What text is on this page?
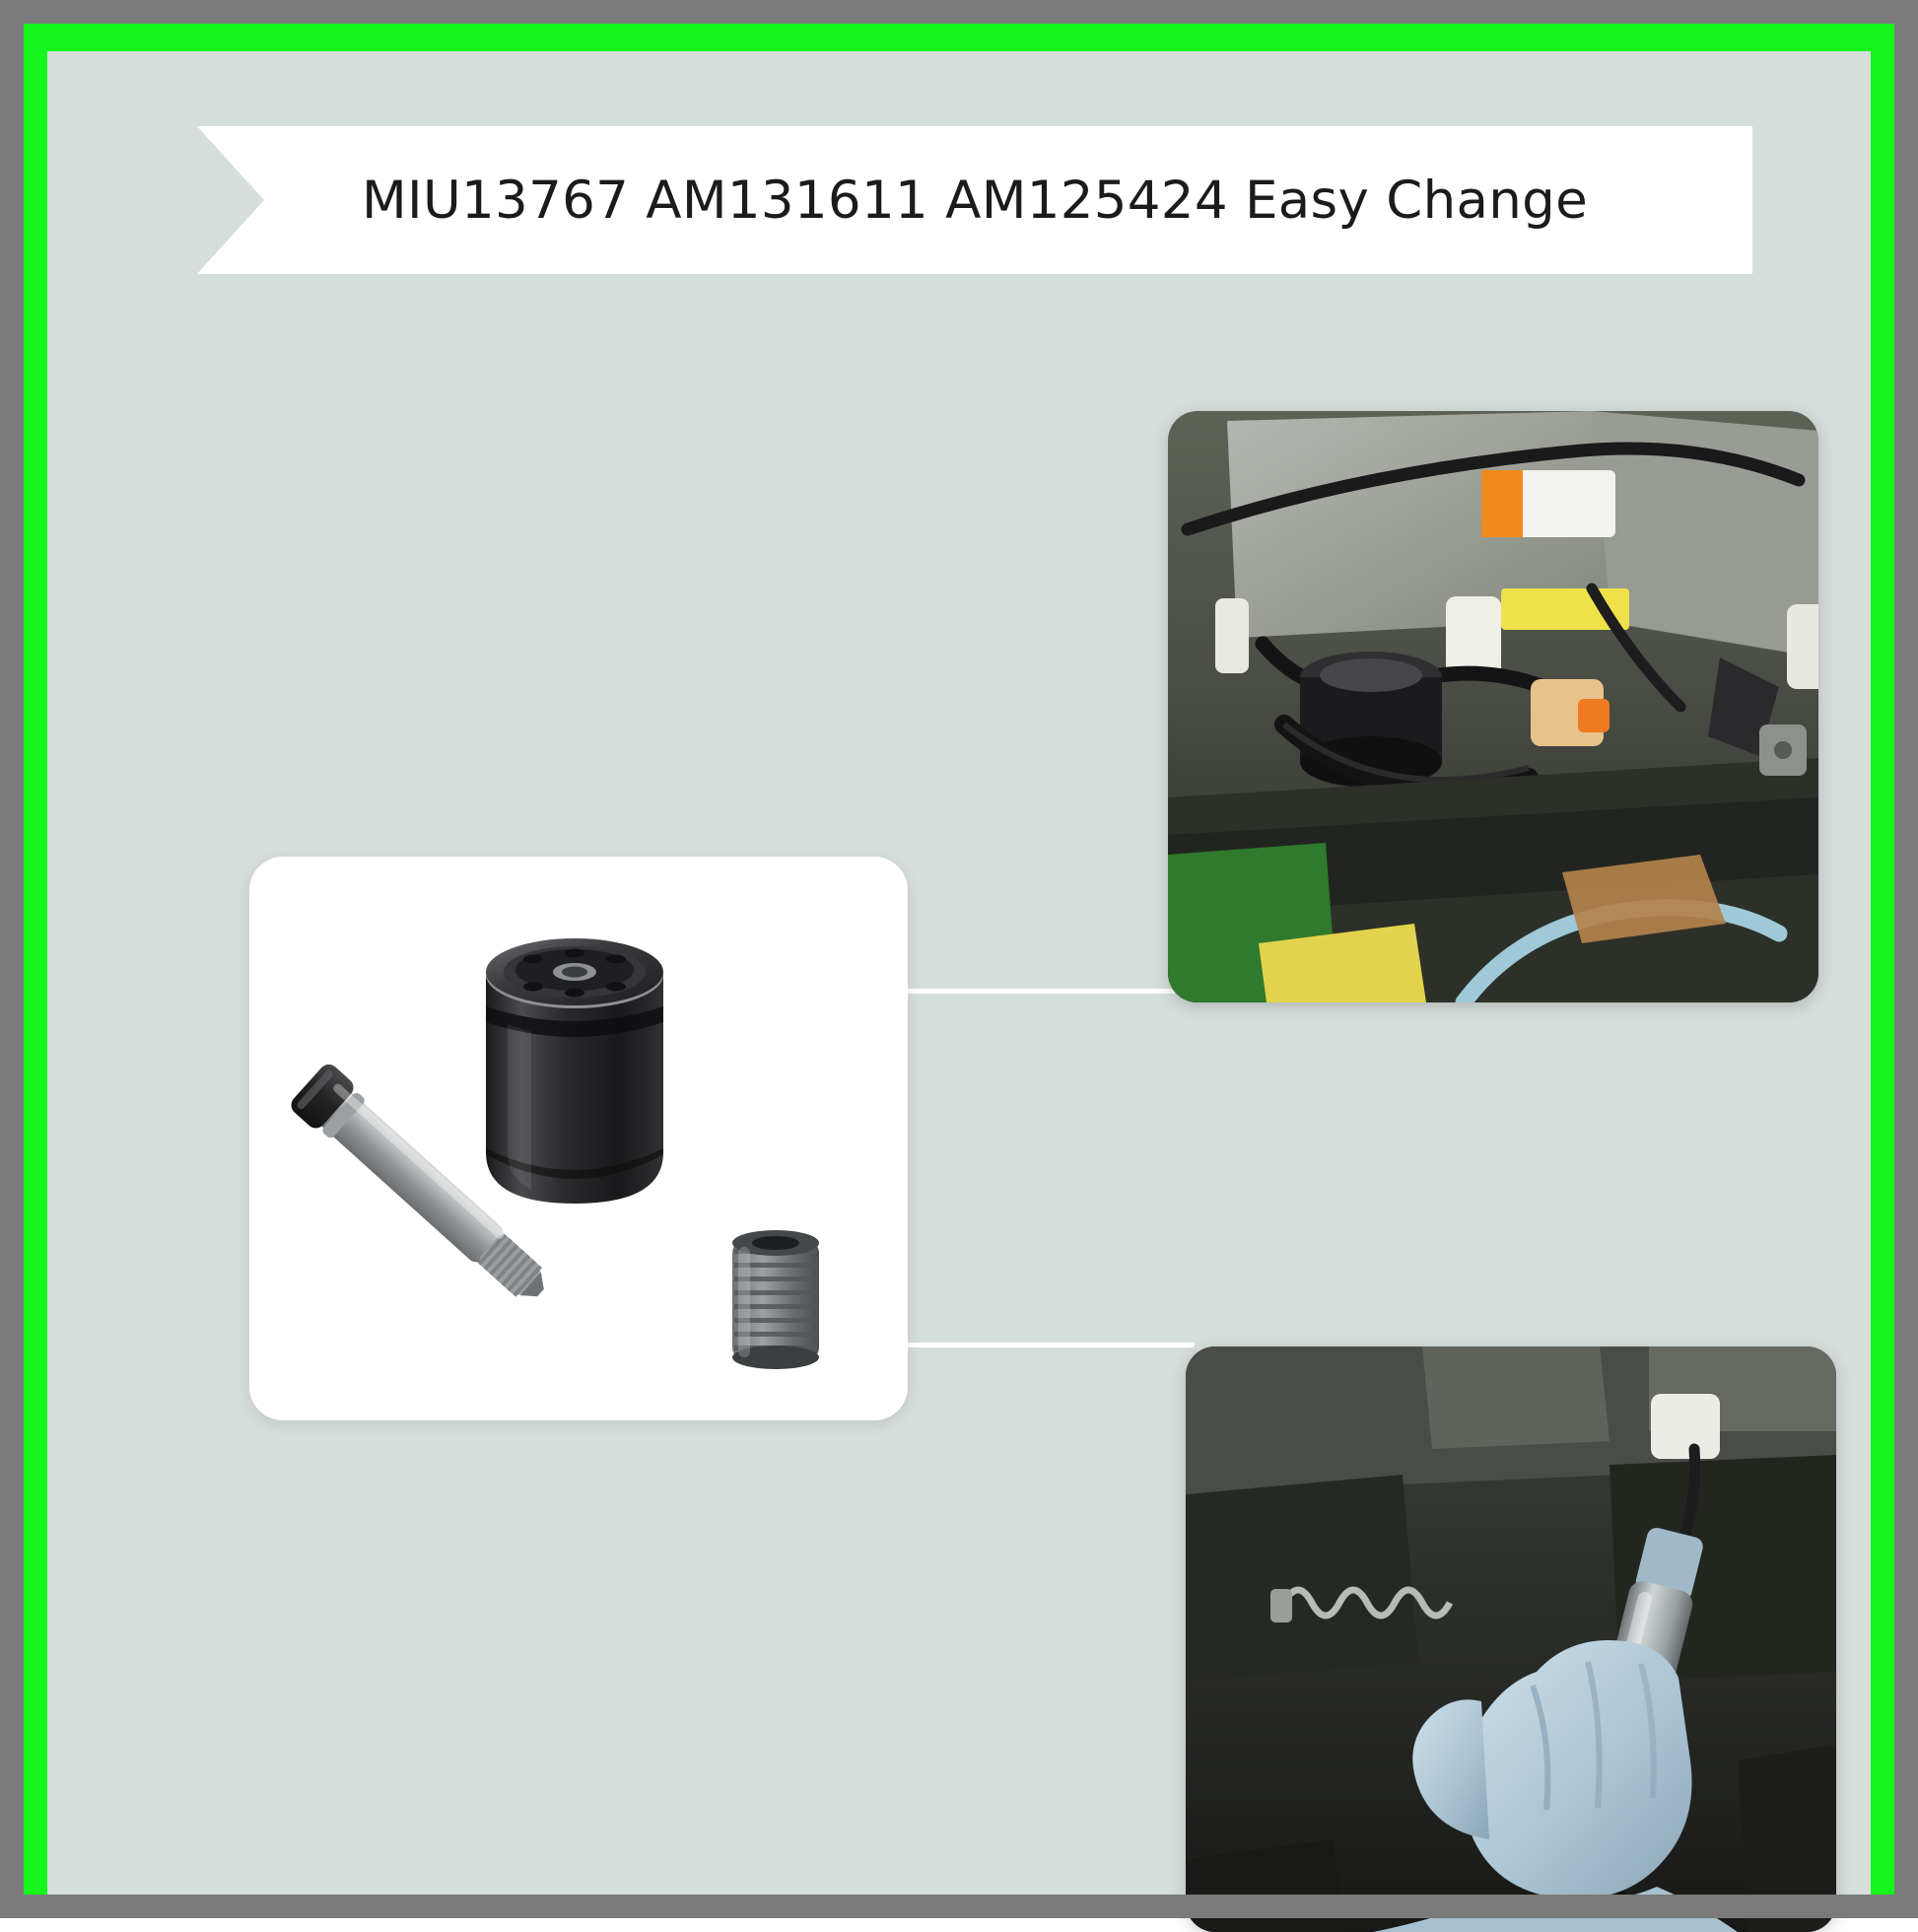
MIU13767 AM131611 AM125424 Easy Change
